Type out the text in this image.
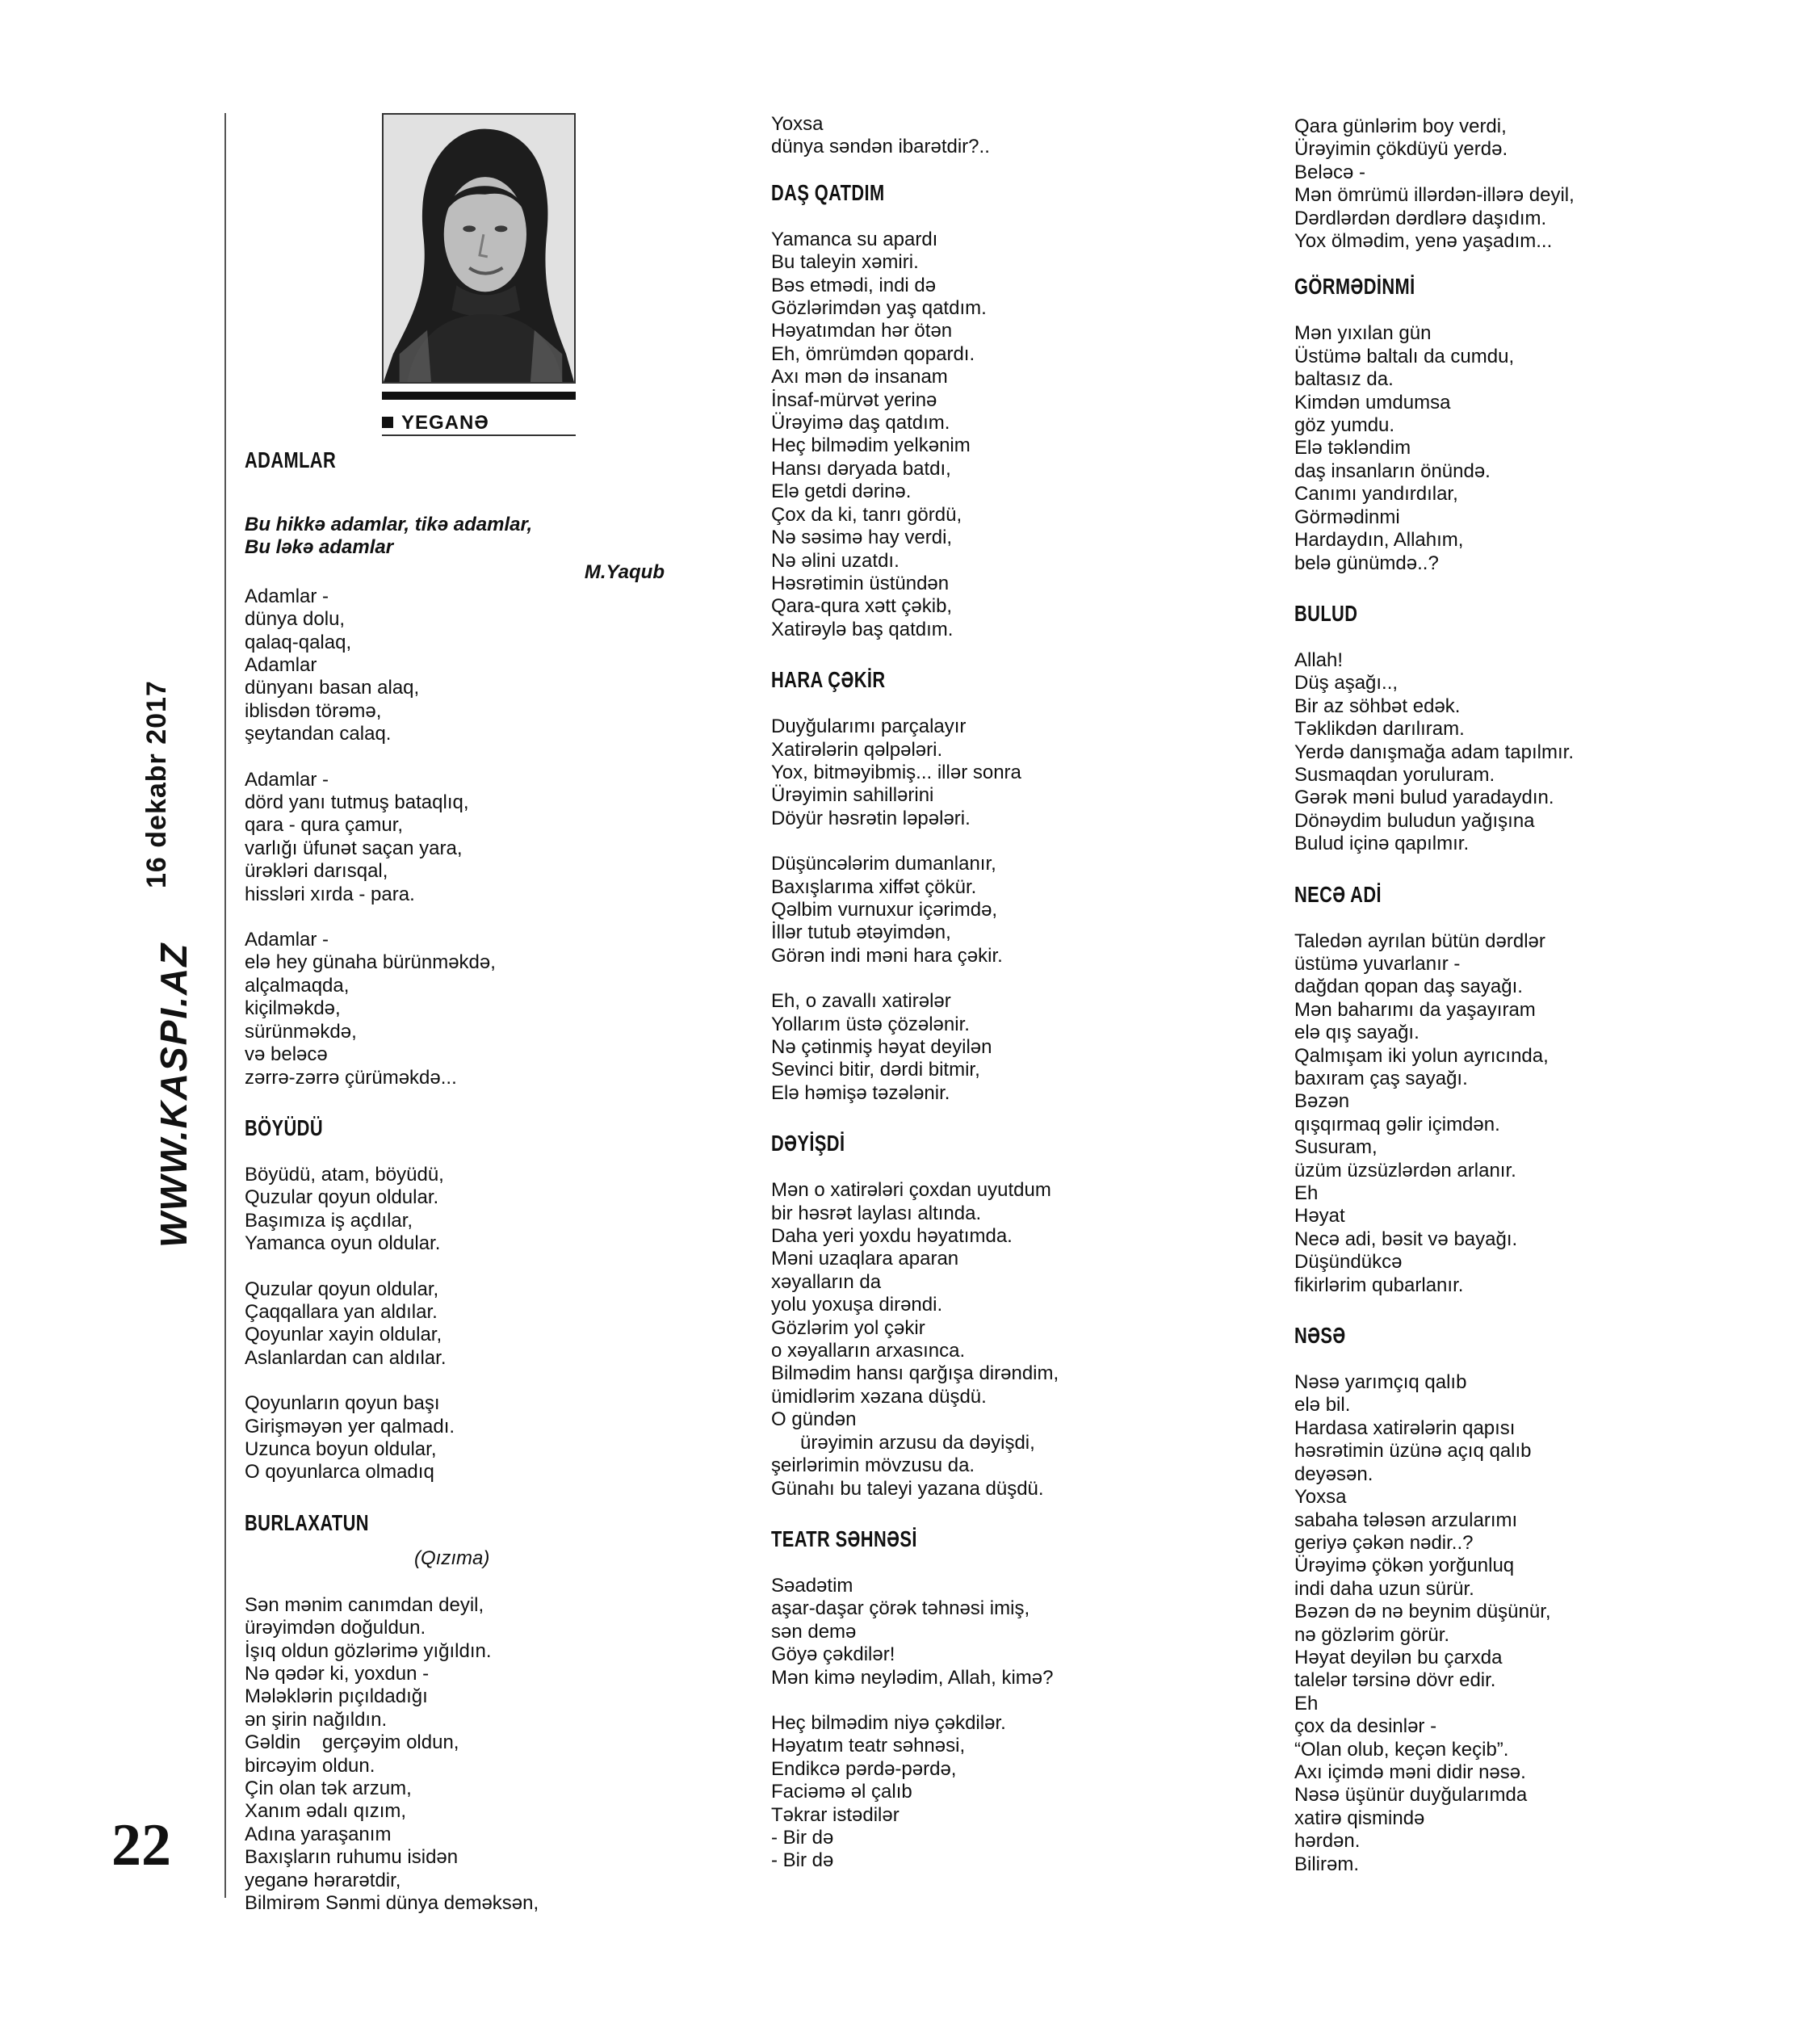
16 dekabr 2017
WWW.KASPI.AZ
22
YEGANƏ
ADAMLAR
Bu hikkə adamlar, tikə adamlar,
Bu ləkə adamlar
M.Yaqub
Adamlar -
dünya dolu,
qalaq-qalaq,
Adamlar
dünyanı basan alaq,
iblisdən törəmə,
şeytandan calaq.
Adamlar -
dörd yanı tutmuş bataqlıq,
qara - qura çamur,
varlığı üfunət saçan yara,
ürəkləri darısqal,
hissləri xırda - para.
Adamlar -
elə hey günaha bürünməkdə,
alçalmaqda,
kiçilməkdə,
sürünməkdə,
və beləcə
zərrə-zərrə çürüməkdə...
BÖYÜDÜ
Böyüdü, atam, böyüdü,
Quzular qoyun oldular.
Başımıza iş açdılar,
Yamanca oyun oldular.
Quzular qoyun oldular,
Çaqqallara yan aldılar.
Qoyunlar xayin oldular,
Aslanlardan can aldılar.
Qoyunların qoyun başı
Girişməyən yer qalmadı.
Uzunca boyun oldular,
O qoyunlarca olmadıq
BURLAXATUN
(Qızıma)
Sən mənim canımdan deyil,
ürəyimdən doğuldun.
İşıq oldun gözlərimə yığıldın.
Nə qədər ki, yoxdun -
Mələklərin pıçıldadığı
ən şirin nağıldın.
Gəldin    gerçəyim oldun,
bircəyim oldun.
Çin olan tək arzum,
Xanım ədalı qızım,
Adına yaraşanım
Baxışların ruhumu isidən
yeganə hərarətdir,
Bilmirəm Sənmi dünya deməksən,
Yoxsa
dünya səndən ibarətdir?..
DAŞ QATDIM
Yamanca su apardı
Bu taleyin xəmiri.
Bəs etmədi, indi də
Gözlərimdən yaş qatdım.
Həyatımdan hər ötən
Eh, ömrümdən qopardı.
Axı mən də insanam
İnsaf-mürvət yerinə
Ürəyimə daş qatdım.
Heç bilmədim yelkənim
Hansı dəryada batdı,
Elə getdi dərinə.
Çox da ki, tanrı gördü,
Nə səsimə hay verdi,
Nə əlini uzatdı.
Həsrətimin üstündən
Qara-qura xətt çəkib,
Xatirəylə baş qatdım.
HARA ÇƏKİR
Duyğularımı parçalayır
Xatirələrin qəlpələri.
Yox, bitməyibmiş... illər sonra
Ürəyimin sahillərini
Döyür həsrətin ləpələri.
Düşüncələrim dumanlanır,
Baxışlarıma xiffət çökür.
Qəlbim vurnuxur içərimdə,
İllər tutub ətəyimdən,
Görən indi məni hara çəkir.
Eh, o zavallı xatirələr
Yollarım üstə çözələnir.
Nə çətinmiş həyat deyilən
Sevinci bitir, dərdi bitmir,
Elə həmişə təzələnir.
DƏYİŞDİ
Mən o xatirələri çoxdan uyutdum
bir həsrət laylası altında.
Daha yeri yoxdu həyatımda.
Məni uzaqlara aparan
xəyalların da
yolu yoxuşa dirəndi.
Gözlərim yol çəkir
o xəyalların arxasınca.
Bilmədim hansı qarğışa dirəndim,
ümidlərim xəzana düşdü.
O gündən
ürəyimin arzusu da dəyişdi,
şeirlərimin mövzusu da.
Günahı bu taleyi yazana düşdü.
TEATR SƏHNƏSİ
Səadətim
aşar-daşar çörək təhnəsi imiş,
sən demə
Göyə çəkdilər!
Mən kimə neylədim, Allah, kimə?
Heç bilmədim niyə çəkdilər.
Həyatım teatr səhnəsi,
Endikcə pərdə-pərdə,
Faciəmə əl çalıb
Təkrar istədilər
- Bir də
- Bir də
Qara günlərim boy verdi,
Ürəyimin çökdüyü yerdə.
Beləcə -
Mən ömrümü illərdən-illərə deyil,
Dərdlərdən dərdlərə daşıdım.
Yox ölmədim, yenə yaşadım...
GÖRMƏDİNMİ
Mən yıxılan gün
Üstümə baltalı da cumdu,
baltasız da.
Kimdən umdumsa
göz yumdu.
Elə təkləndim
daş insanların önündə.
Canımı yandırdılar,
Görmədinmi
Hardaydın, Allahım,
belə günümdə..?
BULUD
Allah!
Düş aşağı..,
Bir az söhbət edək.
Təklikdən darılıram.
Yerdə danışmağa adam tapılmır.
Susmaqdan yoruluram.
Gərək məni bulud yaradaydın.
Dönəydim buludun yağışına
Bulud içinə qapılmır.
NECƏ ADİ
Taledən ayrılan bütün dərdlər
üstümə yuvarlanır -
dağdan qopan daş sayağı.
Mən baharımı da yaşayıram
elə qış sayağı.
Qalmışam iki yolun ayrıcında,
baxıram çaş sayağı.
Bəzən
qışqırmaq gəlir içimdən.
Susuram,
üzüm üzsüzlərdən arlanır.
Eh
Həyat
Necə adi, bəsit və bayağı.
Düşündükcə
fikirlərim qubarlanır.
NƏSƏ
Nəsə yarımçıq qalıb
elə bil.
Hardasa xatirələrin qapısı
həsrətimin üzünə açıq qalıb
deyəsən.
Yoxsa
sabaha tələsən arzularımı
geriyə çəkən nədir..?
Ürəyimə çökən yorğunluq
indi daha uzun sürür.
Bəzən də nə beynim düşünür,
nə gözlərim görür.
Həyat deyilən bu çarxda
talelər tərsinə dövr edir.
Eh
çox da desinlər -
“Olan olub, keçən keçib”.
Axı içimdə məni didir nəsə.
Nəsə üşünür duyğularımda
xatirə qismində
hərdən.
Bilirəm.
